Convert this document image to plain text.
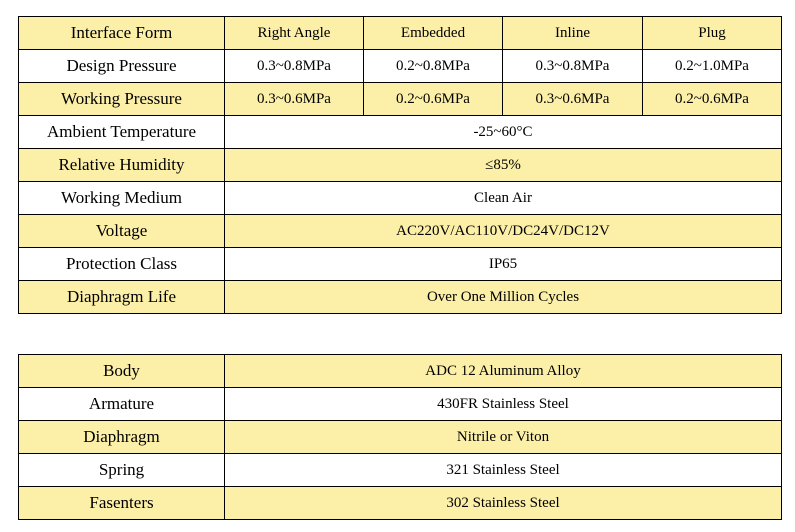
Interface Form	Right Angle	Embedded	Inline	Plug
Design Pressure	0.3~0.8MPa	0.2~0.8MPa	0.3~0.8MPa	0.2~1.0MPa
Working Pressure	0.3~0.6MPa	0.2~0.6MPa	0.3~0.6MPa	0.2~0.6MPa
Ambient Temperature	-25~60°C			
Relative Humidity	≤85%			
Working Medium	Clean Air			
Voltage	AC220V/AC110V/DC24V/DC12V			
Protection Class	IP65			
Diaphragm Life	Over One Million Cycles			
Body	ADC 12 Aluminum Alloy
Armature	430FR Stainless Steel
Diaphragm	Nitrile or Viton
Spring	321 Stainless Steel
Fasenters	302 Stainless Steel
